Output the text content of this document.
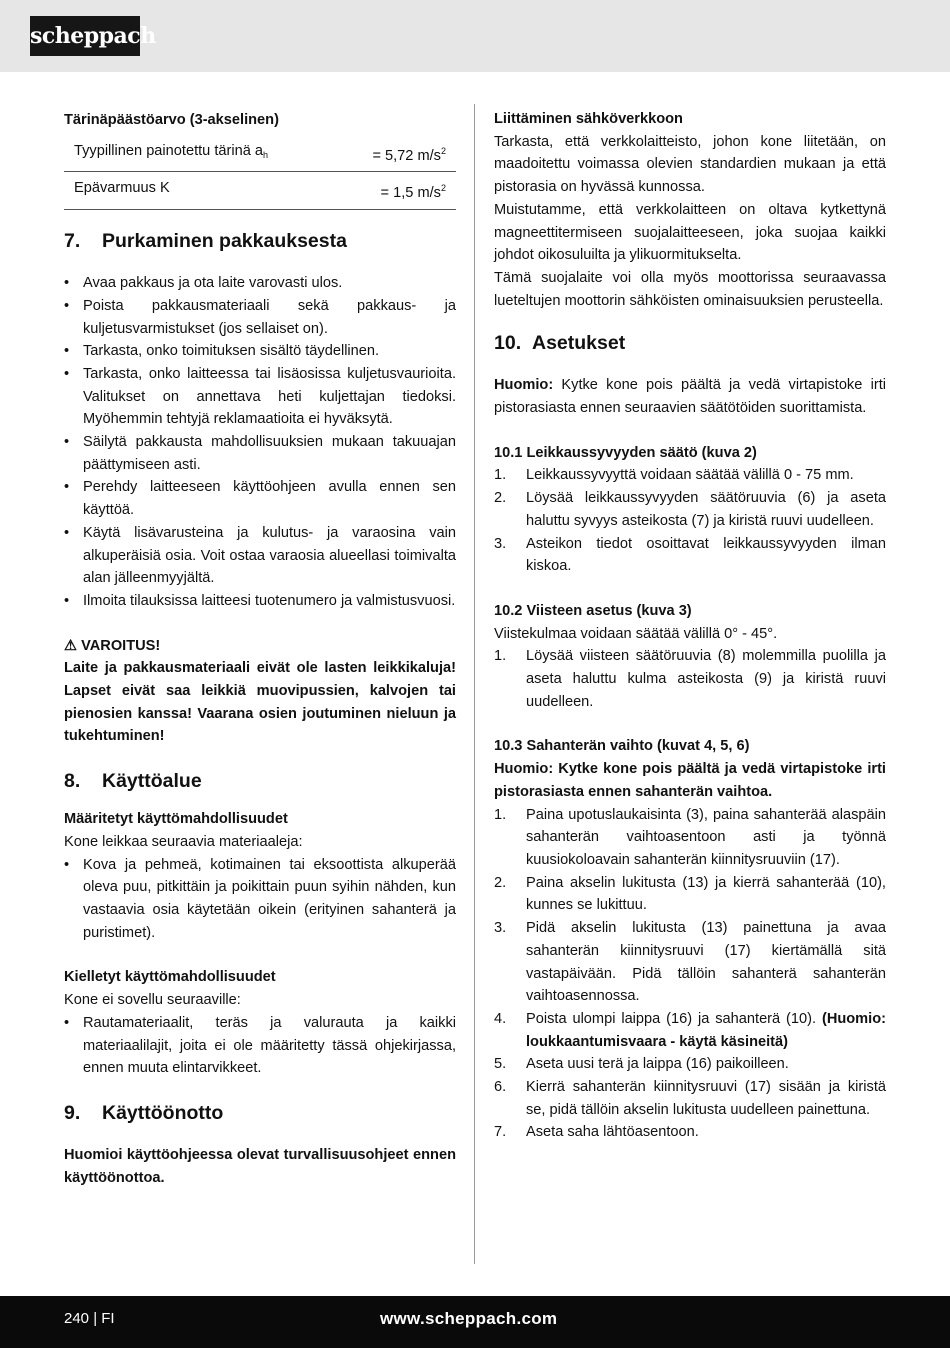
scheppach
Tärinäpäästöarvo (3-akselinen)
Tyypillinen painotettu tärinä $a_h$	= 5,72 $m/s^2$
Epävarmuus K	= 1,5 $m/s^2$
7.	Purkaminen pakkauksesta
• Avaa pakkaus ja ota laite varovasti ulos.
• Poista pakkausmateriaali sekä pakkaus- ja kuljetusvarmistukset (jos sellaiset on).
• Tarkasta, onko toimituksen sisältö täydellinen.
• Tarkasta, onko laitteessa tai lisäosissa kuljetusvaurioita. Valitukset on annettava heti kuljettajan tiedoksi. Myöhemmin tehtyjä reklamaatioita ei hyväksytä.
• Säilytä pakkausta mahdollisuuksien mukaan takuuajan päättymiseen asti.
• Perehdy laitteeseen käyttöohjeen avulla ennen sen käyttöä.
• Käytä lisävarusteina ja kulutus- ja varaosina vain alkuperäisiä osia. Voit ostaa varaosia alueellasi toimivalta alan jälleenmyyjältä.
• Ilmoita tilauksissa laitteesi tuotenumero ja valmistusvuosi.
⚠ VAROITUS!
Laite ja pakkausmateriaali eivät ole lasten leikkikaluja! Lapset eivät saa leikkiä muovipussien, kalvojen tai pienosien kanssa! Vaarana osien joutuminen nieluun ja tukehtuminen!
8.	Käyttöalue
Määritetyt käyttömahdollisuudet
Kone leikkaa seuraavia materiaaleja:
• Kova ja pehmeä, kotimainen tai eksoottista alkuperää oleva puu, pitkittäin ja poikittain puun syihin nähden, kun vastaavia osia käytetään oikein (erityinen sahanterä ja puristimet).
Kielletyt käyttömahdollisuudet
Kone ei sovellu seuraaville:
• Rautamateriaalit, teräs ja valurauta ja kaikki materiaalilajit, joita ei ole määritetty tässä ohjekirjassa, ennen muuta elintarvikkeet.
9.	Käyttöönotto
Huomioi käyttöohjeessa olevat turvallisuusohjeet ennen käyttöönottoa.
Liittäminen sähköverkkoon
Tarkasta, että verkkolaitteisto, johon kone liitetään, on maadoitettu voimassa olevien standardien mukaan ja että pistorasia on hyvässä kunnossa.
Muistutamme, että verkkolaitteen on oltava kytkettynä magneettitermiseen suojalaitteeseen, joka suojaa kaikki johdot oikosuluilta ja ylikuormitukselta.
Tämä suojalaite voi olla myös moottorissa seuraavassa lueteltujen moottorin sähköisten ominaisuuksien perusteella.
10. Asetukset
Huomio: Kytke kone pois päältä ja vedä virtapistoke irti pistorasiasta ennen seuraavien säätötöiden suorittamista.
10.1 Leikkaussyvyyden säätö (kuva 2)
1. Leikkaussyvyyttä voidaan säätää välillä 0 - 75 mm.
2. Löysää leikkaussyvyyden säätöruuvia (6) ja aseta haluttu syvyys asteikosta (7) ja kiristä ruuvi uudelleen.
3. Asteikon tiedot osoittavat leikkaussyvyyden ilman kiskoa.
10.2 Viisteen asetus (kuva 3)
Viistekulmaa voidaan säätää välillä 0° - 45°.
1. Löysää viisteen säätöruuvia (8) molemmilla puolilla ja aseta haluttu kulma asteikosta (9) ja kiristä ruuvi uudelleen.
10.3 Sahanterän vaihto (kuvat 4, 5, 6)
Huomio: Kytke kone pois päältä ja vedä virtapistoke irti pistorasiasta ennen sahanterän vaihtoa.
1. Paina upotuslaukaisinta (3), paina sahanterää alaspäin sahanterän vaihtoasentoon asti ja työnnä kuusiokoloavain sahanterän kiinnitysruuviin (17).
2. Paina akselin lukitusta (13) ja kierrä sahanterää (10), kunnes se lukittuu.
3. Pidä akselin lukitusta (13) painettuna ja avaa sahanterän kiinnitysruuvi (17) kiertämällä sitä vastapäivään. Pidä tällöin sahanterä sahanterän vaihtoasennossa.
4. Poista ulompi laippa (16) ja sahanterä (10). (Huomio: loukkaantumisvaara - käytä käsineitä)
5. Aseta uusi terä ja laippa (16) paikoilleen.
6. Kierrä sahanterän kiinnitysruuvi (17) sisään ja kiristä se, pidä tällöin akselin lukitusta uudelleen painettuna.
7. Aseta saha lähtöasentoon.
240 | FI	www.scheppach.com
